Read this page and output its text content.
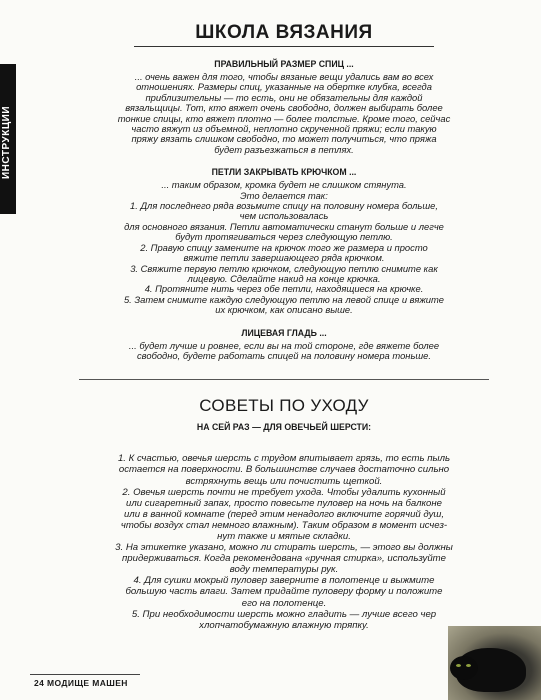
ИНСТРУКЦИИ
ШКОЛА ВЯЗАНИЯ
ПРАВИЛЬНЫЙ РАЗМЕР СПИЦ ...
... очень важен для того, чтобы вязаные вещи удались вам во всех
отношениях. Размеры спиц, указанные на обертке клубка, всегда
приблизительны — то есть, они не обязательны для каждой
вязальщицы. Тот, кто вяжет очень свободно, должен выбирать более
тонкие спицы, кто вяжет плотно — более толстые. Кроме того, сейчас
часто вяжут из объемной, неплотно скрученной пряжи; если такую
пряжу вязать слишком свободно, то может получиться, что пряжа
будет разъезжаться в петлях.
ПЕТЛИ ЗАКРЫВАТЬ КРЮЧКОМ ...
... таким образом, кромка будет не слишком стянута.
Это делается так:
1. Для последнего ряда возьмите спицу на половину номера больше,
чем использовалась
для основного вязания. Петли автоматически станут больше и легче
будут протягиваться через следующую петлю.
2. Правую спицу замените на крючок того же размера и просто
вяжите петли завершающего ряда крючком.
3. Свяжите первую петлю крючком, следующую петлю снимите как
лицевую. Сделайте накид на конце крючка.
4. Протяните нить через обе петли, находящиеся на крючке.
5. Затем снимите каждую следующую петлю на левой спице и вяжите
их крючком, как описано выше.
ЛИЦЕВАЯ ГЛАДЬ ...
... будет лучше и ровнее, если вы на той стороне, где вяжете более
свободно, будете работать спицей на половину номера тоньше.
СОВЕТЫ ПО УХОДУ
НА СЕЙ РАЗ — ДЛЯ ОВЕЧЬЕЙ ШЕРСТИ:
1. К счастью, овечья шерсть с трудом впитывает грязь, то есть пыль
остается на поверхности. В большинстве случаев достаточно сильно
встряхнуть вещь или почистить щеткой.
2. Овечья шерсть почти не требует ухода. Чтобы удалить кухонный
или сигаретный запах, просто повесьте пуловер на ночь на балконе
или в ванной комнате (перед этим ненадолго включите горячий душ,
чтобы воздух стал немного влажным). Таким образом в момент исчез-
нут также и мятые складки.
3. На этикетке указано, можно ли стирать шерсть, — этого вы должны
придерживаться. Когда рекомендована «ручная стирка», используйте
воду температуры рук.
4. Для сушки мокрый пуловер заверните в полотенце и выжмите
большую часть влаги. Затем придайте пуловеру форму и положите
его на полотенце.
5. При необходимости шерсть можно гладить — лучше всего чер
хлопчатобумажную влажную тряпку.
24 МОДИЩЕ МАШЕН
